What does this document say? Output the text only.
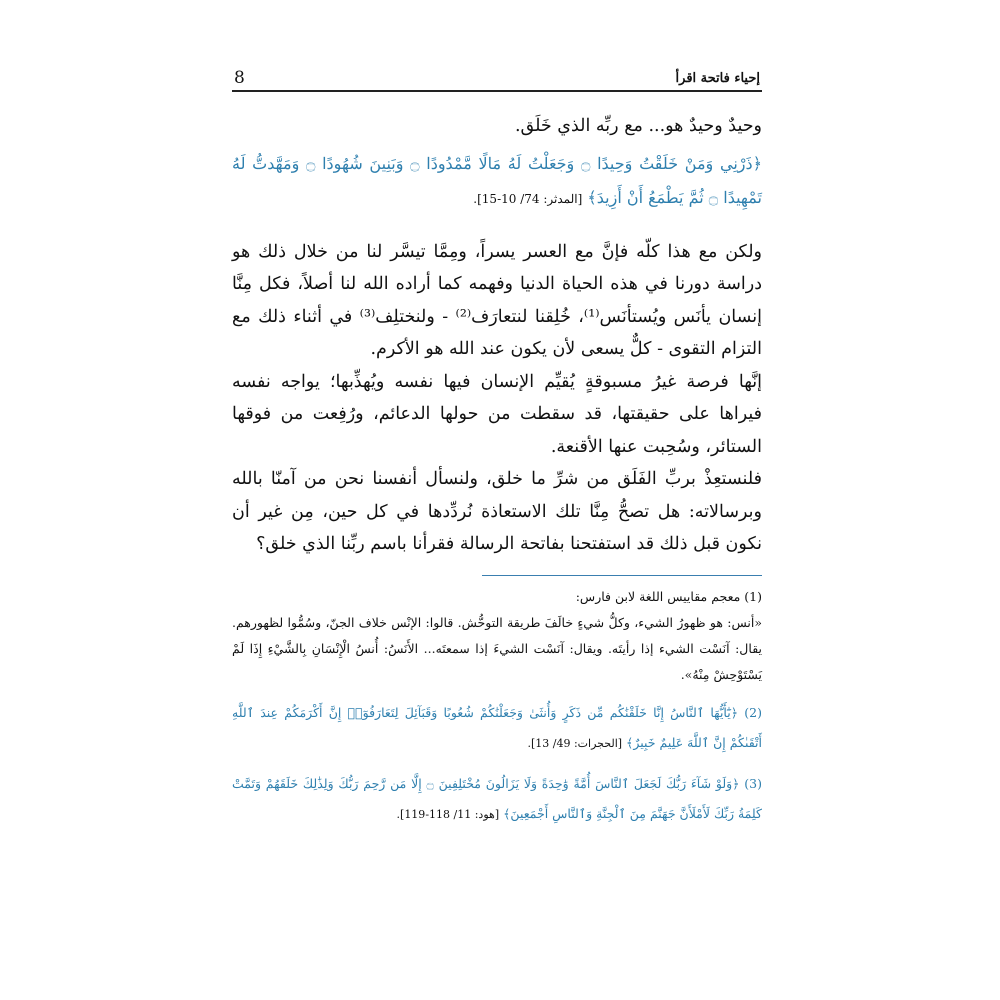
8	إحياء فاتحة اقرأ

وحيدٌ وحيدٌ هو... مع ربِّه الذي خَلَق.

﴿ذَرْنِي وَمَنْ خَلَقْتُ وَحِيدًا ۝ وَجَعَلْتُ لَهُ مَالًا مَّمْدُودًا ۝ وَبَنِينَ شُهُودًا ۝ وَمَهَّدتُّ لَهُ تَمْهِيدًا ۝ ثُمَّ يَطْمَعُ أَنْ أَزِيدَ﴾ [المدثر: 74/ 10-15].

ولكن مع هذا كلّه فإنَّ مع العسر يسراً، ومِمَّا تيسَّر لنا من خلال ذلك هو دراسة دورنا في هذه الحياة الدنيا وفهمه كما أراده الله لنا أصلاً، فكل مِنَّا إنسان يأنَس ويُستأنَس⁽¹⁾، خُلِقنا لنتعارَف⁽²⁾ - ولنختلِف⁽³⁾ في أثناء ذلك مع التزام التقوى - كلٌّ يسعى لأن يكون عند الله هو الأكرم.

إنَّها فرصة غيرُ مسبوقةٍ يُقيِّم الإنسان فيها نفسه ويُهذِّبها؛ يواجه نفسه فيراها على حقيقتها، قد سقطت من حولها الدعائم، ورُفِعت من فوقها الستائر، وسُحِبت عنها الأقنعة.

فلنستعِذْ بربِّ الفَلَق من شرِّ ما خلق، ولنسأل أنفسنا نحن من آمنّا بالله وبرسالاته: هل تصحُّ مِنَّا تلك الاستعاذة نُردِّدها في كل حين، مِن غير أن نكون قبل ذلك قد استفتحنا بفاتحة الرسالة فقرأنا باسم ربِّنا الذي خلق؟

(1) معجم مقاييس اللغة لابن فارس:

«أنس: هو ظهورُ الشيء، وكلُّ شيءٍ خالَفَ طريقة التوحُّش. قالوا: الإنْس خلاف الجنّ، وسُمُّوا لظهورهم. يقال: آنَسْت الشيء إذا رأيتَه. ويقال: آنَسْت الشيءَ إذا سمعتَه... الأَنَسُ: أُنسُ الْإِنْسَانِ بِالشَّيْءِ إِذَا لَمْ يَسْتَوْحِشْ مِنْهُ».

(2) ﴿يَٰٓأَيُّهَا ٱلنَّاسُ إِنَّا خَلَقْنَٰكُم مِّن ذَكَرٍ وَأُنثَىٰ وَجَعَلْنَٰكُمْ شُعُوبًا وَقَبَآئِلَ لِتَعَارَفُوٓا۟ إِنَّ أَكْرَمَكُمْ عِندَ ٱللَّهِ أَتْقَىٰكُمْ إِنَّ ٱللَّهَ عَلِيمٌ خَبِيرٌ﴾ [الحجرات: 49/ 13].

(3) ﴿وَلَوْ شَآءَ رَبُّكَ لَجَعَلَ ٱلنَّاسَ أُمَّةً وَٰحِدَةً وَلَا يَزَالُونَ مُخْتَلِفِينَ ۝ إِلَّا مَن رَّحِمَ رَبُّكَ وَلِذَٰلِكَ خَلَقَهُمْ وَتَمَّتْ كَلِمَةُ رَبِّكَ لَأَمْلَأَنَّ جَهَنَّمَ مِنَ ٱلْجِنَّةِ وَٱلنَّاسِ أَجْمَعِينَ﴾ [هود: 11/ 118-119].
